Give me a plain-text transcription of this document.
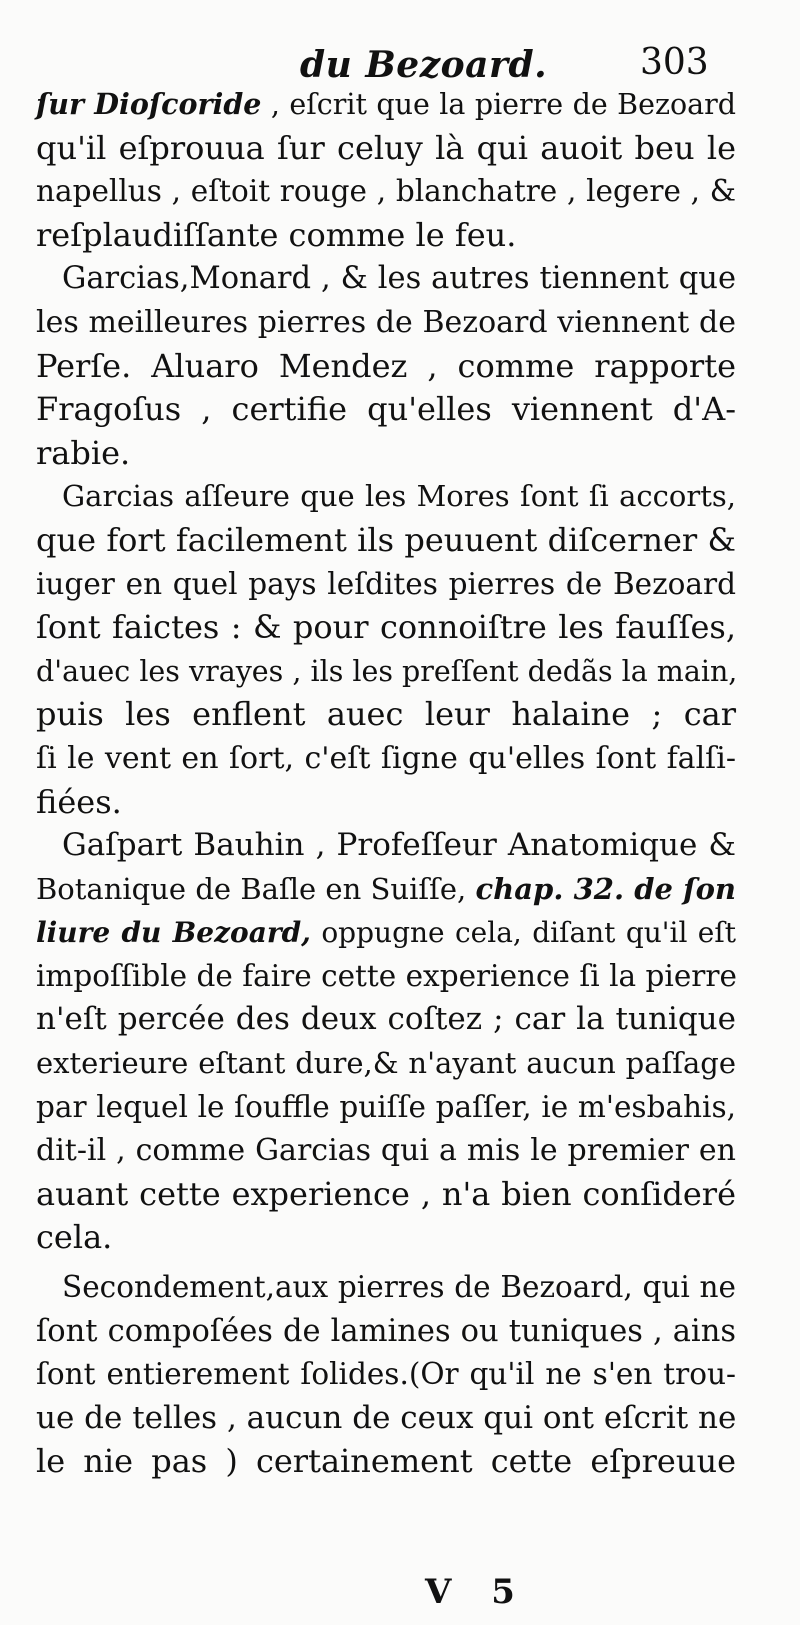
du Bezoard.	303
ſur Dioſcoride , eſcrit que la pierre de Bezoard
qu'il eſprouua ſur celuy là qui auoit beu le
napellus , eſtoit rouge , blanchatre , legere , &
reſplaudiſſante comme le feu.
Garcias,Monard , & les autres tiennent que
les meilleures pierres de Bezoard viennent de
Perſe. Aluaro Mendez , comme rapporte
Fragoſus , certifie qu'elles viennent d'A-
rabie.
Garcias aſſeure que les Mores ſont ſi accorts,
que fort facilement ils peuuent diſcerner &
iuger en quel pays leſdites pierres de Bezoard
ſont faictes : & pour connoiſtre les fauſſes,
d'auec les vrayes , ils les preſſent dedãs la main,
puis les enflent auec leur halaine ; car
ſi le vent en ſort, c'eſt ſigne qu'elles ſont falſi-
fiées.
Gaſpart Bauhin , Profeſſeur Anatomique &
Botanique de Baſle en Suiſſe, chap. 32. de ſon
liure du Bezoard, oppugne cela, diſant qu'il eſt
impoſſible de faire cette experience ſi la pierre
n'eſt percée des deux coſtez ; car la tunique
exterieure eſtant dure,& n'ayant aucun paſſage
par lequel le ſouffle puiſſe paſſer, ie m'esbahis,
dit-il , comme Garcias qui a mis le premier en
auant cette experience , n'a bien conſideré
cela.
Secondement,aux pierres de Bezoard, qui ne
ſont compoſées de lamines ou tuniques , ains
ſont entierement ſolides.(Or qu'il ne s'en trou-
ue de telles , aucun de ceux qui ont eſcrit ne
le nie pas ) certainement cette eſpreuue
V 5
